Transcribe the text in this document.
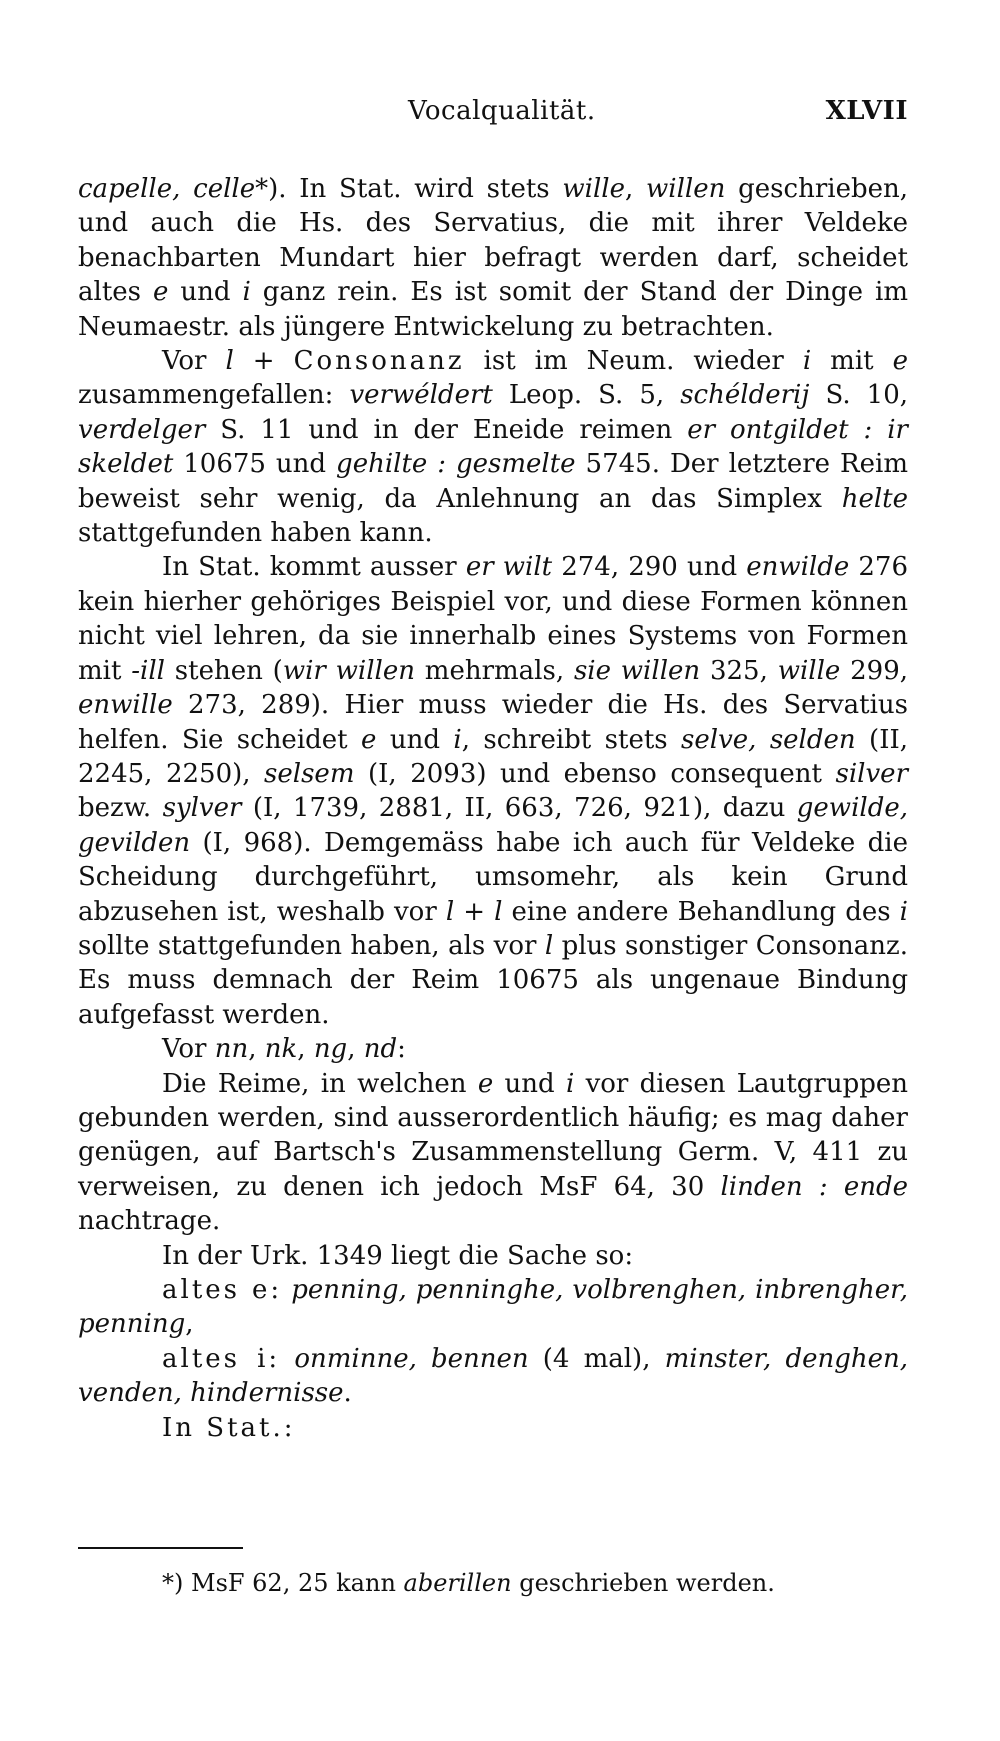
Vocalqualität.	XLVII

capelle, celle*). In Stat. wird stets wille, willen geschrieben, und auch die Hs. des Servatius, die mit ihrer Veldeke benachbarten Mundart hier befragt werden darf, scheidet altes e und i ganz rein. Es ist somit der Stand der Dinge im Neumaestr. als jüngere Entwickelung zu betrachten.

Vor l + Consonanz ist im Neum. wieder i mit e zusammengefallen: verwéldert Leop. S. 5, schélderij S. 10, verdelger S. 11 und in der Eneide reimen er ontgildet : ir skeldet 10675 und gehilte : gesmelte 5745. Der letztere Reim beweist sehr wenig, da Anlehnung an das Simplex helte stattgefunden haben kann.

In Stat. kommt ausser er wilt 274, 290 und enwilde 276 kein hierher gehöriges Beispiel vor, und diese Formen können nicht viel lehren, da sie innerhalb eines Systems von Formen mit -ill stehen (wir willen mehrmals, sie willen 325, wille 299, enwille 273, 289). Hier muss wieder die Hs. des Servatius helfen. Sie scheidet e und i, schreibt stets selve, selden (II, 2245, 2250), selsem (I, 2093) und ebenso consequent silver bezw. sylver (I, 1739, 2881, II, 663, 726, 921), dazu gewilde, gevilden (I, 968). Demgemäss habe ich auch für Veldeke die Scheidung durchgeführt, umsomehr, als kein Grund abzusehen ist, weshalb vor l + l eine andere Behandlung des i sollte stattgefunden haben, als vor l plus sonstiger Consonanz. Es muss demnach der Reim 10675 als ungenaue Bindung aufgefasst werden.

Vor nn, nk, ng, nd:

Die Reime, in welchen e und i vor diesen Lautgruppen gebunden werden, sind ausserordentlich häufig; es mag daher genügen, auf Bartsch's Zusammenstellung Germ. V, 411 zu verweisen, zu denen ich jedoch MsF 64, 30 linden : ende nachtrage.

In der Urk. 1349 liegt die Sache so:

altes e: penning, penninghe, volbrenghen, inbrengher, penning,

altes i: onminne, bennen (4 mal), minster, denghen, venden, hindernisse.

In Stat.:

*) MsF 62, 25 kann aberillen geschrieben werden.
